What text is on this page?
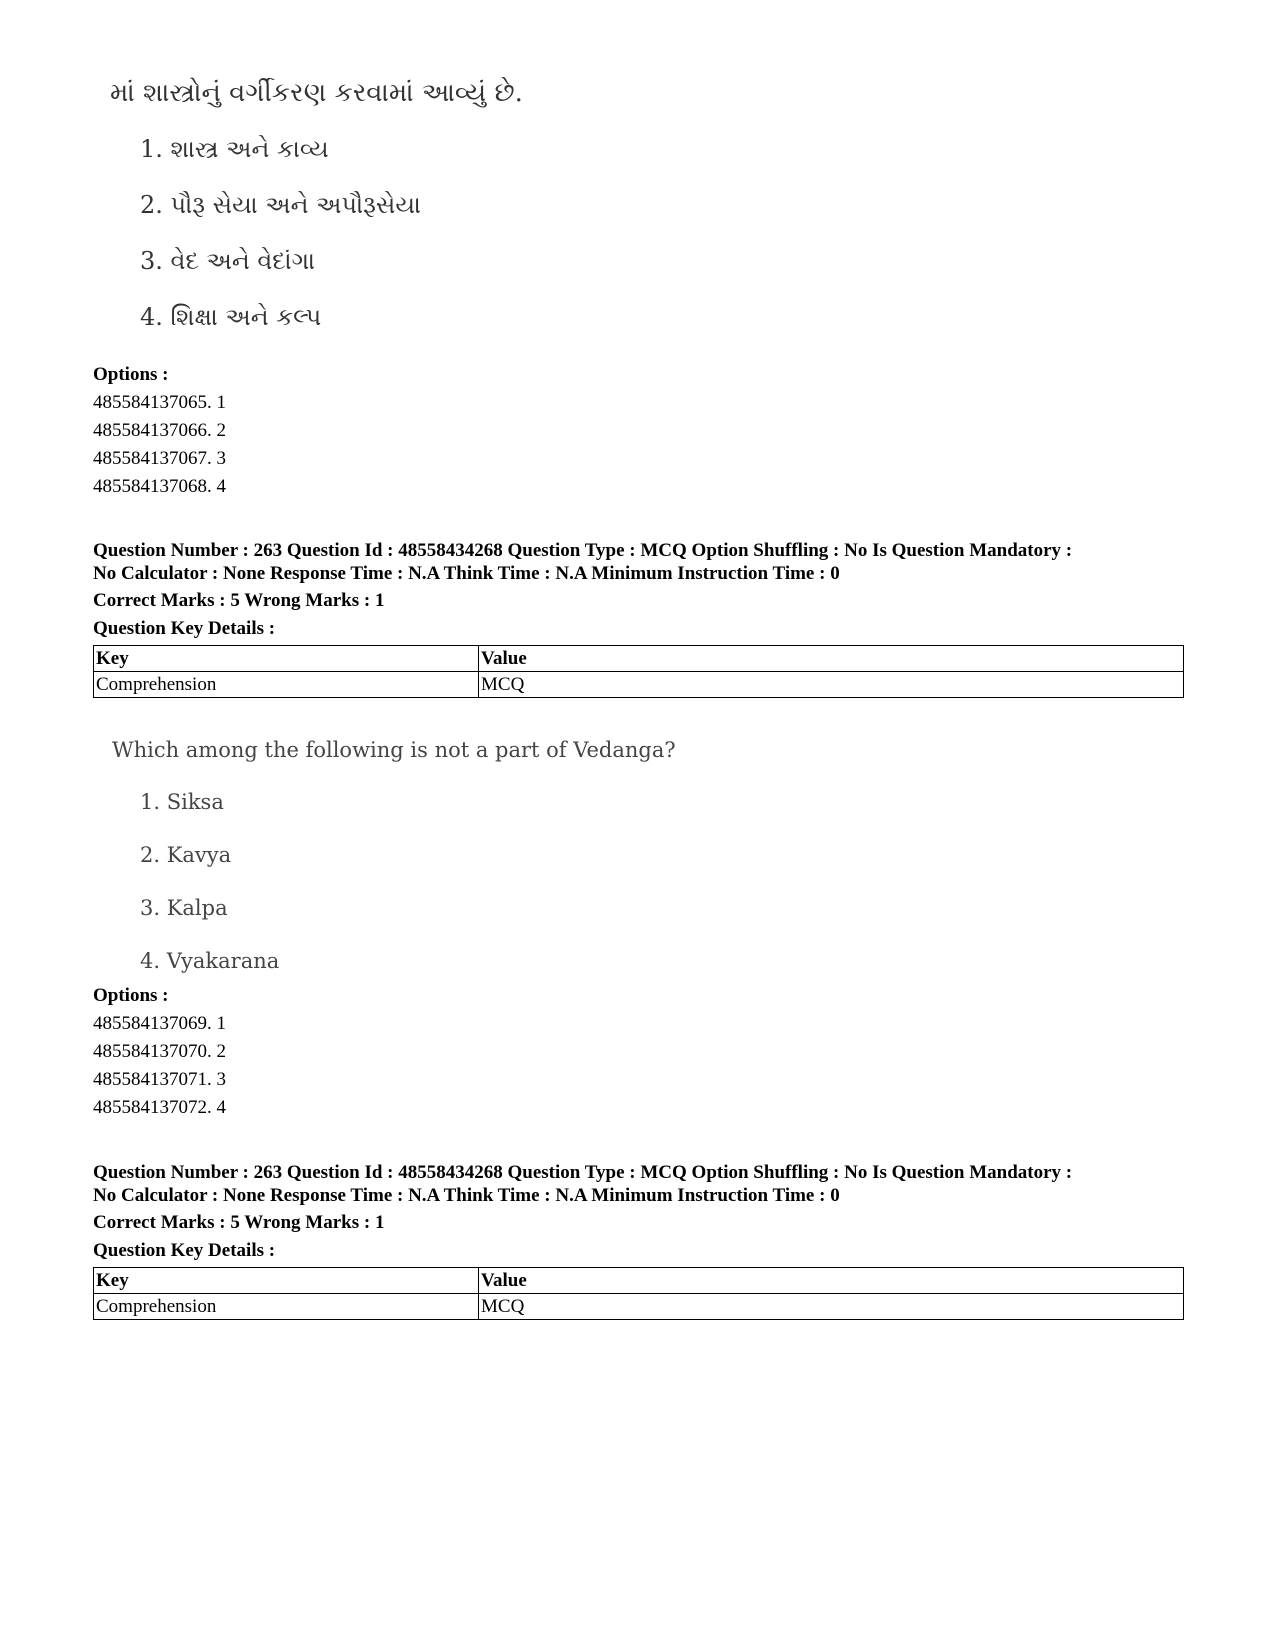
માં શાસ્ત્રોનું વર્ગીકરણ કરવામાં આવ્યું છે.
1. શાસ્ત્ર અને કાવ્ય
2. પૌરૂ સેયા અને અપૌરૂસેયા
3. વેદ અને વેદાંગા
4. શિક્ષા અને કલ્પ
Options :
485584137065. 1
485584137066. 2
485584137067. 3
485584137068. 4
Question Number : 263 Question Id : 48558434268 Question Type : MCQ Option Shuffling : No Is Question Mandatory :
No Calculator : None Response Time : N.A Think Time : N.A Minimum Instruction Time : 0
Correct Marks : 5 Wrong Marks : 1
Question Key Details :
Key	Value
Comprehension	MCQ
Which among the following is not a part of Vedanga?
1. Siksa
2. Kavya
3. Kalpa
4. Vyakarana
Options :
485584137069. 1
485584137070. 2
485584137071. 3
485584137072. 4
Question Number : 263 Question Id : 48558434268 Question Type : MCQ Option Shuffling : No Is Question Mandatory :
No Calculator : None Response Time : N.A Think Time : N.A Minimum Instruction Time : 0
Correct Marks : 5 Wrong Marks : 1
Question Key Details :
Key	Value
Comprehension	MCQ
